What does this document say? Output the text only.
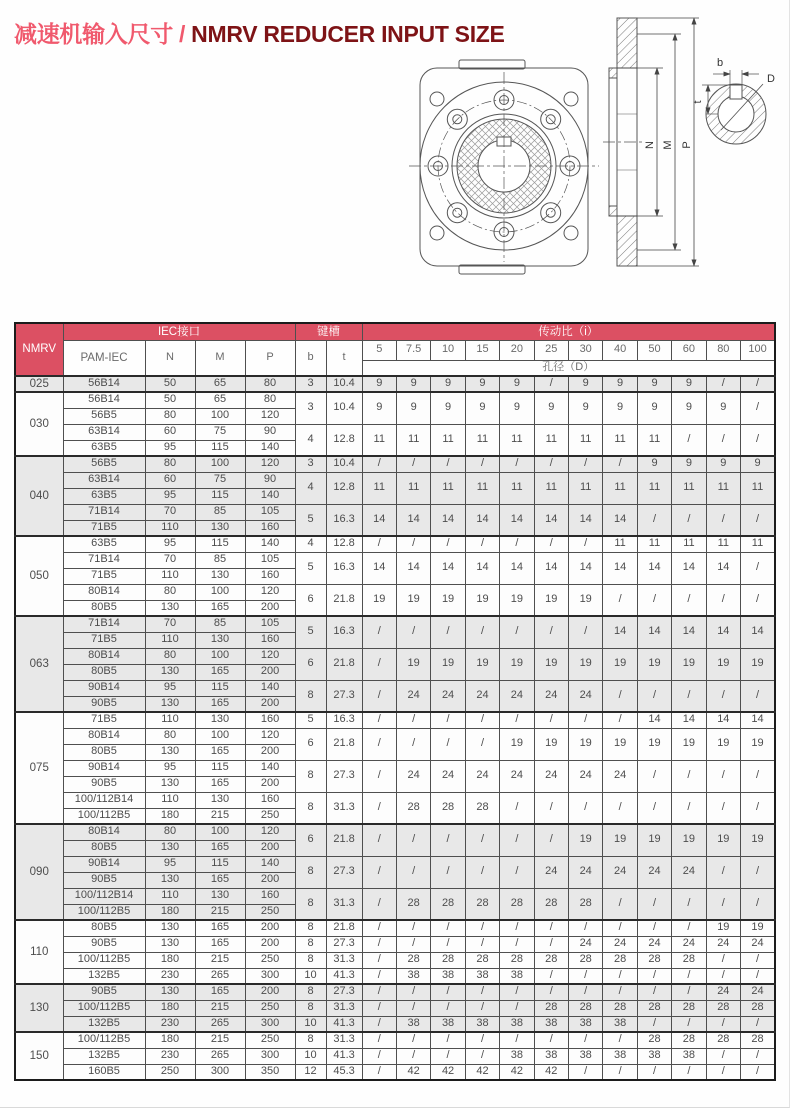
减速机输入尺寸 / NMRV REDUCER INPUT SIZE
N M P
b
D
t
NMRV	IEC接口				键槽		传动比（i）											
	PAM-IEC	N	M	P	b	t	5	7.5	10	15	20	25	30	40	50	60	80	100
							孔径（D）											
025	56B14	50	65	80	3	10.4	9	9	9	9	9	/	9	9	9	9	/	/
030	56B14	50	65	80	3	10.4	9	9	9	9	9	9	9	9	9	9	9	/
	56B5	80	100	120														
	63B14	60	75	90	4	12.8	11	11	11	11	11	11	11	11	11	/	/	/
	63B5	95	115	140														
040	56B5	80	100	120	3	10.4	/	/	/	/	/	/	/	/	9	9	9	9
	63B14	60	75	90	4	12.8	11	11	11	11	11	11	11	11	11	11	11	11
	63B5	95	115	140														
	71B14	70	85	105	5	16.3	14	14	14	14	14	14	14	14	/	/	/	/
	71B5	110	130	160														
050	63B5	95	115	140	4	12.8	/	/	/	/	/	/	/	11	11	11	11	11
	71B14	70	85	105	5	16.3	14	14	14	14	14	14	14	14	14	14	14	/
	71B5	110	130	160														
	80B14	80	100	120	6	21.8	19	19	19	19	19	19	19	/	/	/	/	/
	80B5	130	165	200														
063	71B14	70	85	105	5	16.3	/	/	/	/	/	/	/	14	14	14	14	14
	71B5	110	130	160														
	80B14	80	100	120	6	21.8	/	19	19	19	19	19	19	19	19	19	19	19
	80B5	130	165	200														
	90B14	95	115	140	8	27.3	/	24	24	24	24	24	24	/	/	/	/	/
	90B5	130	165	200														
075	71B5	110	130	160	5	16.3	/	/	/	/	/	/	/	/	14	14	14	14
	80B14	80	100	120	6	21.8	/	/	/	/	19	19	19	19	19	19	19	19
	80B5	130	165	200														
	90B14	95	115	140	8	27.3	/	24	24	24	24	24	24	24	/	/	/	/
	90B5	130	165	200														
	100/112B14	110	130	160	8	31.3	/	28	28	28	/	/	/	/	/	/	/	/
	100/112B5	180	215	250														
090	80B14	80	100	120	6	21.8	/	/	/	/	/	/	19	19	19	19	19	19
	80B5	130	165	200														
	90B14	95	115	140	8	27.3	/	/	/	/	/	24	24	24	24	24	/	/
	90B5	130	165	200														
	100/112B14	110	130	160	8	31.3	/	28	28	28	28	28	28	/	/	/	/	/
	100/112B5	180	215	250														
110	80B5	130	165	200	8	21.8	/	/	/	/	/	/	/	/	/	/	19	19
	90B5	130	165	200	8	27.3	/	/	/	/	/	/	24	24	24	24	24	24
	100/112B5	180	215	250	8	31.3	/	28	28	28	28	28	28	28	28	28	/	/
	132B5	230	265	300	10	41.3	/	38	38	38	38	/	/	/	/	/	/	/
130	90B5	130	165	200	8	27.3	/	/	/	/	/	/	/	/	/	/	24	24
	100/112B5	180	215	250	8	31.3	/	/	/	/	/	28	28	28	28	28	28	28
	132B5	230	265	300	10	41.3	/	38	38	38	38	38	38	38	/	/	/	/
150	100/112B5	180	215	250	8	31.3	/	/	/	/	/	/	/	/	28	28	28	28
	132B5	230	265	300	10	41.3	/	/	/	/	38	38	38	38	38	38	/	/
	160B5	250	300	350	12	45.3	/	42	42	42	42	42	/	/	/	/	/	/
